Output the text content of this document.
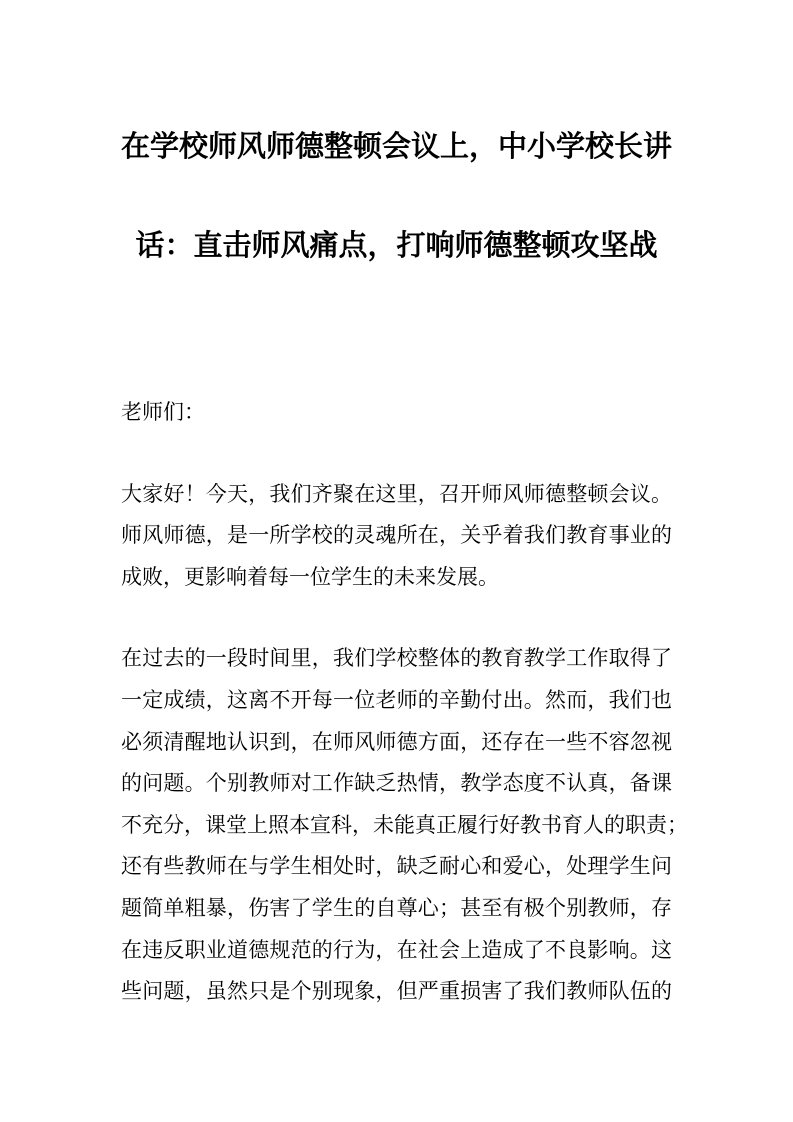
在学校师风师德整顿会议上，中小学校长讲
话：直击师风痛点，打响师德整顿攻坚战
老师们：
大家好！今天，我们齐聚在这里，召开师风师德整顿会议。
师风师德，是一所学校的灵魂所在，关乎着我们教育事业的
成败，更影响着每一位学生的未来发展。
在过去的一段时间里，我们学校整体的教育教学工作取得了
一定成绩，这离不开每一位老师的辛勤付出。然而，我们也
必须清醒地认识到，在师风师德方面，还存在一些不容忽视
的问题。个别教师对工作缺乏热情，教学态度不认真，备课
不充分，课堂上照本宣科，未能真正履行好教书育人的职责；
还有些教师在与学生相处时，缺乏耐心和爱心，处理学生问
题简单粗暴，伤害了学生的自尊心；甚至有极个别教师，存
在违反职业道德规范的行为，在社会上造成了不良影响。这
些问题，虽然只是个别现象，但严重损害了我们教师队伍的
